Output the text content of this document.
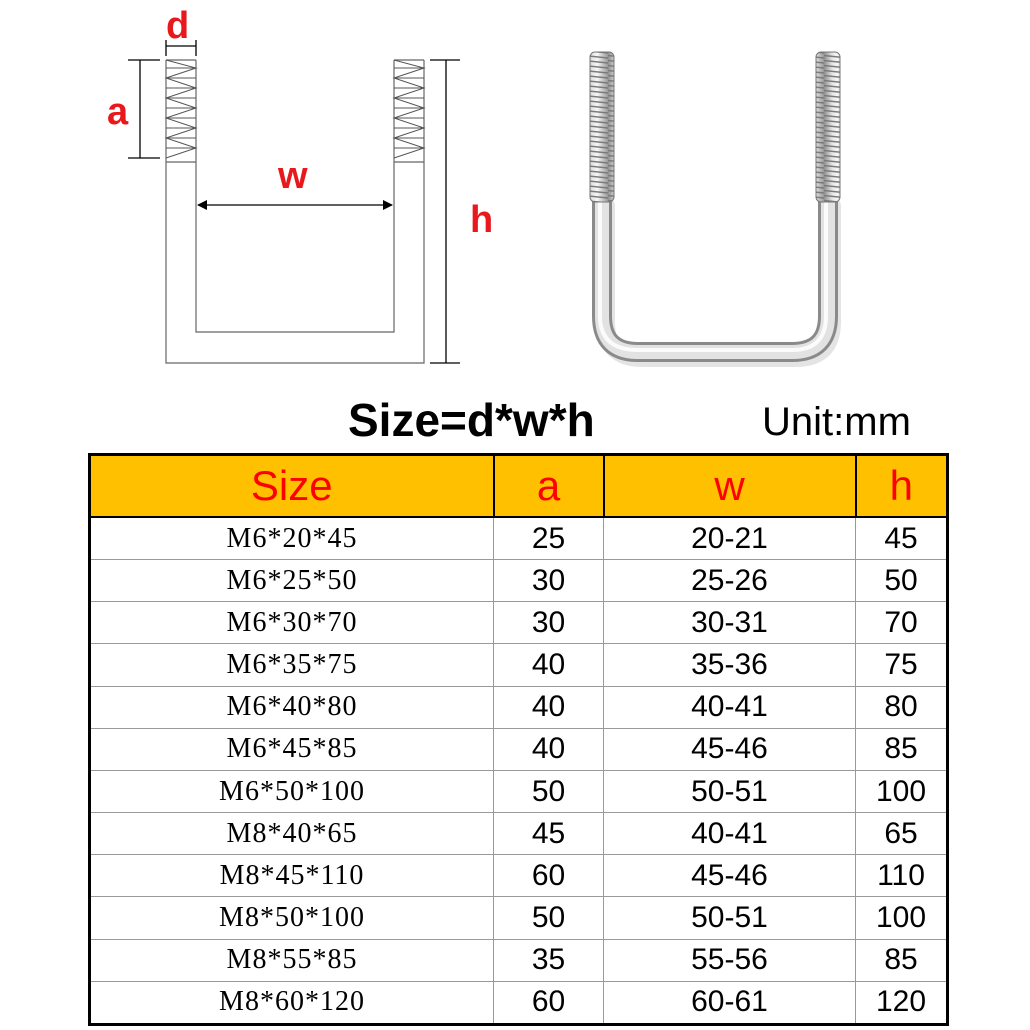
d
a
w
h
Size=d*w*h	Unit:mm
Size	a	w	h
M6*20*45	25	20-21	45
M6*25*50	30	25-26	50
M6*30*70	30	30-31	70
M6*35*75	40	35-36	75
M6*40*80	40	40-41	80
M6*45*85	40	45-46	85
M6*50*100	50	50-51	100
M8*40*65	45	40-41	65
M8*45*110	60	45-46	110
M8*50*100	50	50-51	100
M8*55*85	35	55-56	85
M8*60*120	60	60-61	120
